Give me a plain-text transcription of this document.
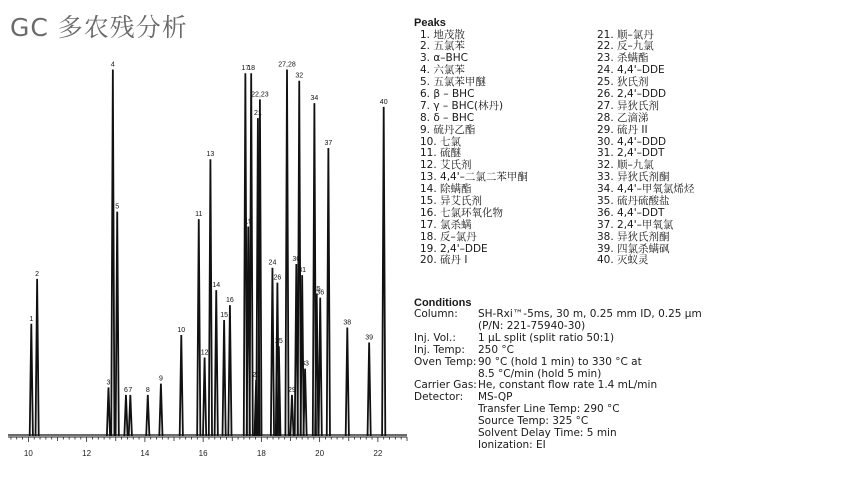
GC 多农残分析
1
2
3
4
5
6 7 8
9
10
11
12
13
14
15
16
17
18
19
20
21
22,23
24
25
26
27,28
29
30
31
32
33
34
35
36
37
38
39
40
10	12	14	16	18	20	22
Peaks
1. 地茂散
2. 五氯苯
3. α–BHC
4. 六氯苯
5. 五氯苯甲醚
6. β – BHC
7. γ – BHC(林丹)
8. δ – BHC
9. 硫丹乙酯
10. 七氯
11. 硫醚
12. 艾氏剂
13. 4,4'–二氯二苯甲酮
14. 除螨酯
15. 异艾氏剂
16. 七氯环氧化物
17. 氯杀螨
18. 反–氯丹
19. 2,4'–DDE
20. 硫丹 I
21. 顺–氯丹
22. 反–九氯
23. 杀螨酯
24. 4,4'–DDE
25. 狄氏剂
26. 2,4'–DDD
27. 异狄氏剂
28. 乙滴涕
29. 硫丹 II
30. 4,4'–DDD
31. 2,4'–DDT
32. 顺–九氯
33. 异狄氏剂酮
34. 4,4'–甲氧氯烯烃
35. 硫丹硫酸盐
36. 4,4'–DDT
37. 2,4'–甲氧氯
38. 异狄氏剂酮
39. 四氯杀螨砜
40. 灭蚁灵
Conditions
Column: SH-Rxi™-5ms, 30 m, 0.25 mm ID, 0.25 µm
(P/N: 221-75940-30)
Inj. Vol.: 1 µL split (split ratio 50:1)
Inj. Temp: 250 °C
Oven Temp: 90 °C (hold 1 min) to 330 °C at
8.5 °C/min (hold 5 min)
Carrier Gas:He, constant flow rate 1.4 mL/min
Detector: MS-QP
Transfer Line Temp: 290 °C
Source Temp: 325 °C
Solvent Delay Time: 5 min
Ionization: EI
